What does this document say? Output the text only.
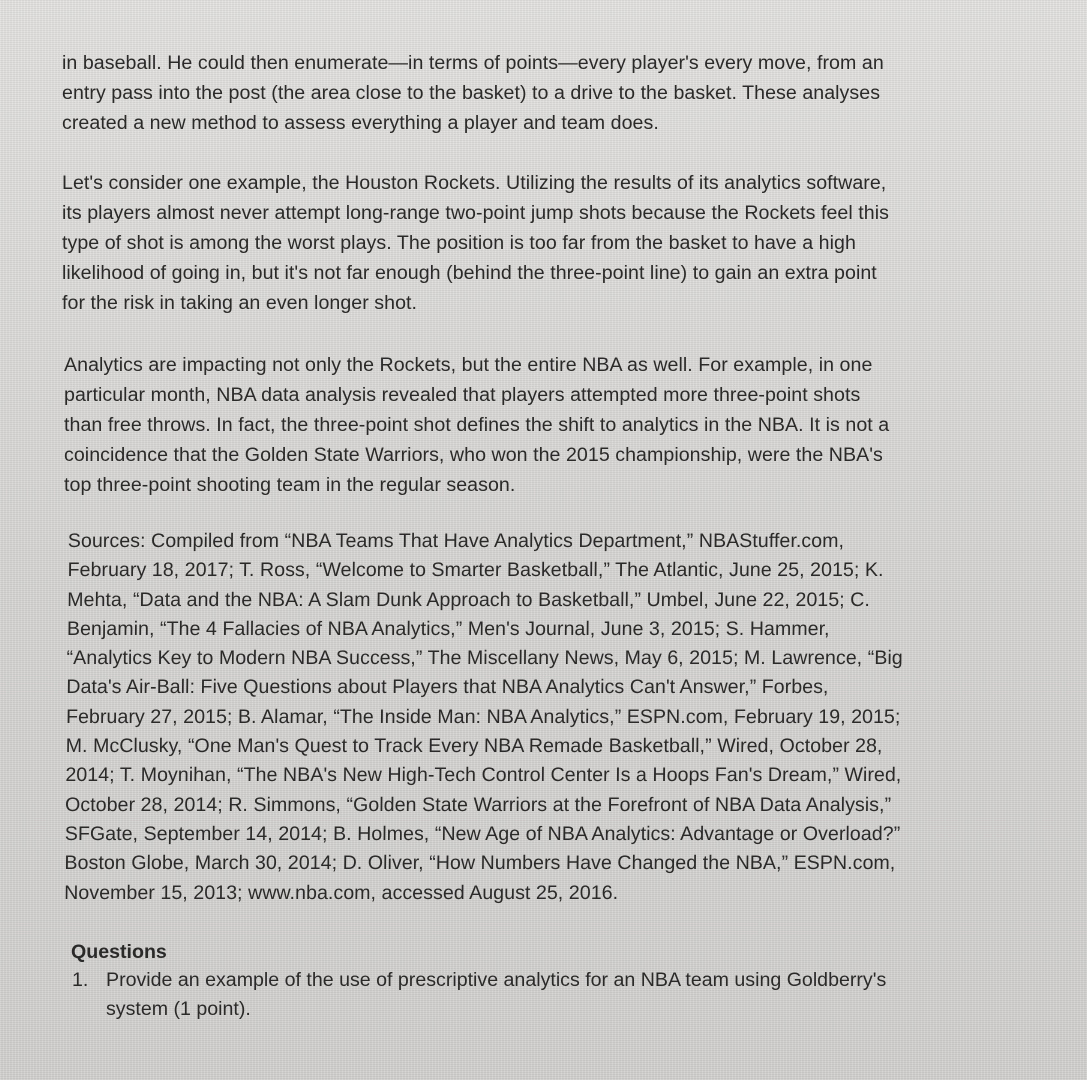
in baseball. He could then enumerate—in terms of points—every player's every move, from an
entry pass into the post (the area close to the basket) to a drive to the basket. These analyses
created a new method to assess everything a player and team does.

Let's consider one example, the Houston Rockets. Utilizing the results of its analytics software,
its players almost never attempt long-range two-point jump shots because the Rockets feel this
type of shot is among the worst plays. The position is too far from the basket to have a high
likelihood of going in, but it's not far enough (behind the three-point line) to gain an extra point
for the risk in taking an even longer shot.

Analytics are impacting not only the Rockets, but the entire NBA as well. For example, in one
particular month, NBA data analysis revealed that players attempted more three-point shots
than free throws. In fact, the three-point shot defines the shift to analytics in the NBA. It is not a
coincidence that the Golden State Warriors, who won the 2015 championship, were the NBA's
top three-point shooting team in the regular season.

Sources: Compiled from “NBA Teams That Have Analytics Department,” NBAStuffer.com,
February 18, 2017; T. Ross, “Welcome to Smarter Basketball,” The Atlantic, June 25, 2015; K.
Mehta, “Data and the NBA: A Slam Dunk Approach to Basketball,” Umbel, June 22, 2015; C.
Benjamin, “The 4 Fallacies of NBA Analytics,” Men's Journal, June 3, 2015; S. Hammer,
“Analytics Key to Modern NBA Success,” The Miscellany News, May 6, 2015; M. Lawrence, “Big
Data's Air-Ball: Five Questions about Players that NBA Analytics Can't Answer,” Forbes,
February 27, 2015; B. Alamar, “The Inside Man: NBA Analytics,” ESPN.com, February 19, 2015;
M. McClusky, “One Man's Quest to Track Every NBA Remade Basketball,” Wired, October 28,
2014; T. Moynihan, “The NBA's New High-Tech Control Center Is a Hoops Fan's Dream,” Wired,
October 28, 2014; R. Simmons, “Golden State Warriors at the Forefront of NBA Data Analysis,”
SFGate, September 14, 2014; B. Holmes, “New Age of NBA Analytics: Advantage or Overload?”
Boston Globe, March 30, 2014; D. Oliver, “How Numbers Have Changed the NBA,” ESPN.com,
November 15, 2013; www.nba.com, accessed August 25, 2016.

Questions
1. Provide an example of the use of prescriptive analytics for an NBA team using Goldberry's
system (1 point).
